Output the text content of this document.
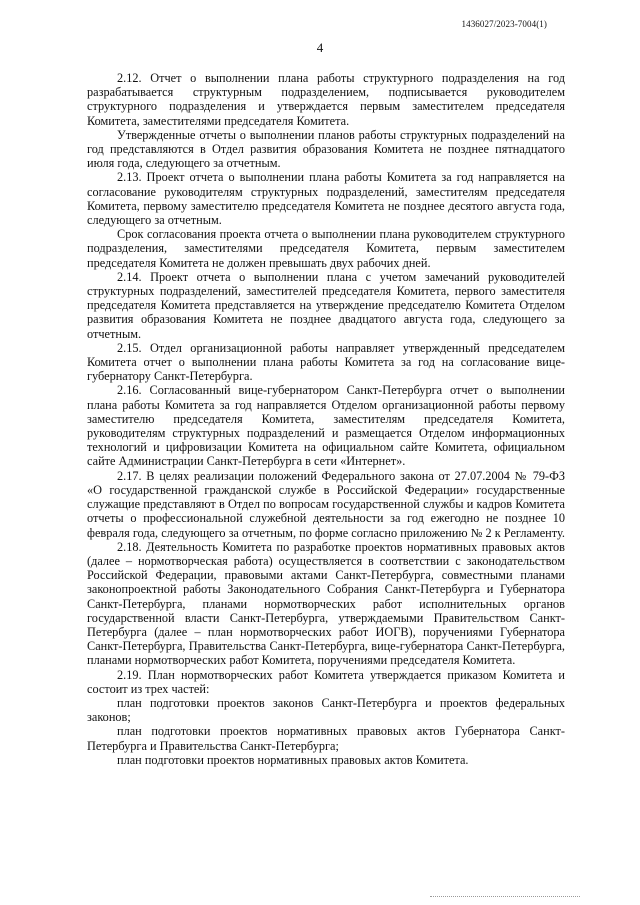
1436027/2023-7004(1)
4

2.12. Отчет о выполнении плана работы структурного подразделения на год разрабатывается структурным подразделением, подписывается руководителем структурного подразделения и утверждается первым заместителем председателя Комитета, заместителями председателя Комитета.

Утвержденные отчеты о выполнении планов работы структурных подразделений на год представляются в Отдел развития образования Комитета не позднее пятнадцатого июля года, следующего за отчетным.

2.13. Проект отчета о выполнении плана работы Комитета за год направляется на согласование руководителям структурных подразделений, заместителям председателя Комитета, первому заместителю председателя Комитета не позднее десятого августа года, следующего за отчетным.

Срок согласования проекта отчета о выполнении плана руководителем структурного подразделения, заместителями председателя Комитета, первым заместителем председателя Комитета не должен превышать двух рабочих дней.

2.14. Проект отчета о выполнении плана с учетом замечаний руководителей структурных подразделений, заместителей председателя Комитета, первого заместителя председателя Комитета представляется на утверждение председателю Комитета Отделом развития образования Комитета не позднее двадцатого августа года, следующего за отчетным.

2.15. Отдел организационной работы направляет утвержденный председателем Комитета отчет о выполнении плана работы Комитета за год на согласование вице-губернатору Санкт-Петербурга.

2.16. Согласованный вице-губернатором Санкт-Петербурга отчет о выполнении плана работы Комитета за год направляется Отделом организационной работы первому заместителю председателя Комитета, заместителям председателя Комитета, руководителям структурных подразделений и размещается Отделом информационных технологий и цифровизации Комитета на официальном сайте Комитета, официальном сайте Администрации Санкт-Петербурга в сети «Интернет».

2.17. В целях реализации положений Федерального закона от 27.07.2004 № 79-ФЗ «О государственной гражданской службе в Российской Федерации» государственные служащие представляют в Отдел по вопросам государственной службы и кадров Комитета отчеты о профессиональной служебной деятельности за год ежегодно не позднее 10 февраля года, следующего за отчетным, по форме согласно приложению № 2 к Регламенту.

2.18. Деятельность Комитета по разработке проектов нормативных правовых актов (далее – нормотворческая работа) осуществляется в соответствии с законодательством Российской Федерации, правовыми актами Санкт-Петербурга, совместными планами законопроектной работы Законодательного Собрания Санкт-Петербурга и Губернатора Санкт-Петербурга, планами нормотворческих работ исполнительных органов государственной власти Санкт-Петербурга, утверждаемыми Правительством Санкт-Петербурга (далее – план нормотворческих работ ИОГВ), поручениями Губернатора Санкт-Петербурга, Правительства Санкт-Петербурга, вице-губернатора Санкт-Петербурга, планами нормотворческих работ Комитета, поручениями председателя Комитета.

2.19. План нормотворческих работ Комитета утверждается приказом Комитета и состоит из трех частей:

план подготовки проектов законов Санкт-Петербурга и проектов федеральных законов;

план подготовки проектов нормативных правовых актов Губернатора Санкт-Петербурга и Правительства Санкт-Петербурга;

план подготовки проектов нормативных правовых актов Комитета.
